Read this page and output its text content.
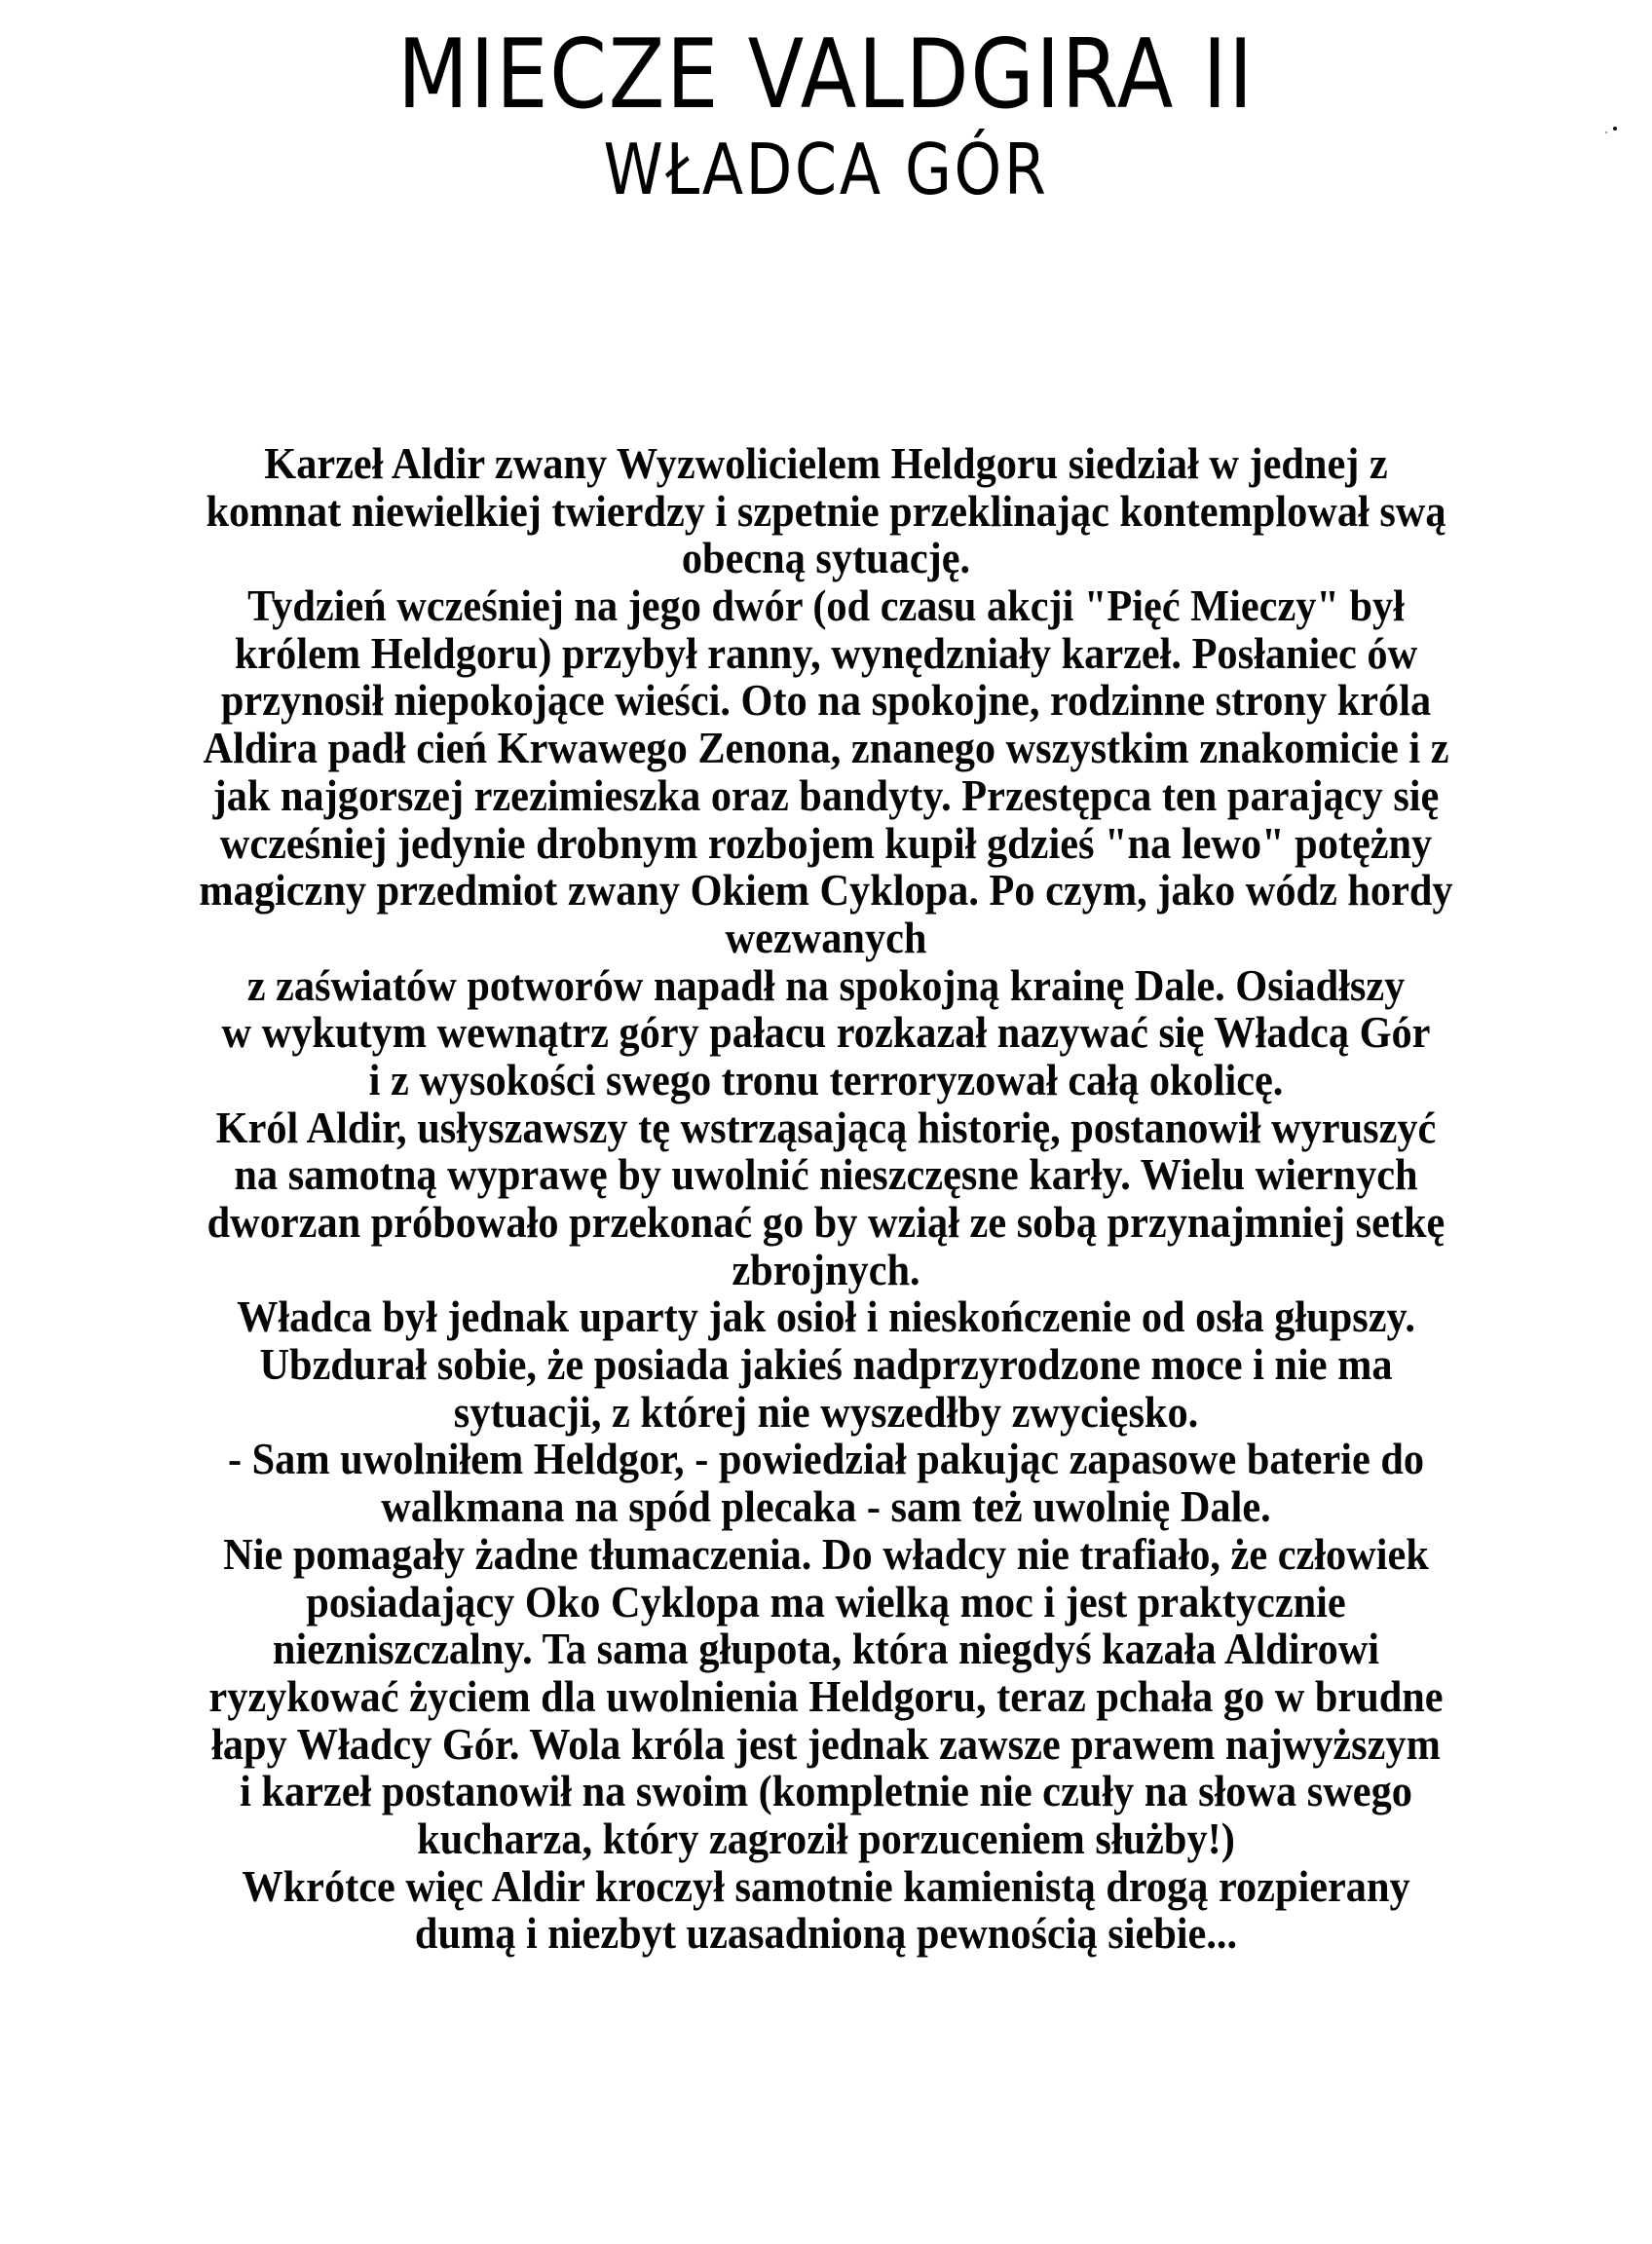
MIECZE VALDGIRA II
WŁADCA GÓR
Karzeł Aldir zwany Wyzwolicielem Heldgoru siedział w jednej z
komnat niewielkiej twierdzy i szpetnie przeklinając kontemplował swą
obecną sytuację.
Tydzień wcześniej na jego dwór (od czasu akcji "Pięć Mieczy" był
królem Heldgoru) przybył ranny, wynędzniały karzeł. Posłaniec ów
przynosił niepokojące wieści. Oto na spokojne, rodzinne strony króla
Aldira padł cień Krwawego Zenona, znanego wszystkim znakomicie i z
jak najgorszej rzezimieszka oraz bandyty. Przestępca ten parający się
wcześniej jedynie drobnym rozbojem kupił gdzieś "na lewo" potężny
magiczny przedmiot zwany Okiem Cyklopa. Po czym, jako wódz hordy
wezwanych
z zaświatów potworów napadł na spokojną krainę Dale. Osiadłszy
w wykutym wewnątrz góry pałacu rozkazał nazywać się Władcą Gór
i z wysokości swego tronu terroryzował całą okolicę.
Król Aldir, usłyszawszy tę wstrząsającą historię, postanowił wyruszyć
na samotną wyprawę by uwolnić nieszczęsne karły. Wielu wiernych
dworzan próbowało przekonać go by wziął ze sobą przynajmniej setkę
zbrojnych.
Władca był jednak uparty jak osioł i nieskończenie od osła głupszy.
Ubzdurał sobie, że posiada jakieś nadprzyrodzone moce i nie ma
sytuacji, z której nie wyszedłby zwycięsko.
- Sam uwolniłem Heldgor, - powiedział pakując zapasowe baterie do
walkmana na spód plecaka - sam też uwolnię Dale.
Nie pomagały żadne tłumaczenia. Do władcy nie trafiało, że człowiek
posiadający Oko Cyklopa ma wielką moc i jest praktycznie
niezniszczalny. Ta sama głupota, która niegdyś kazała Aldirowi
ryzykować życiem dla uwolnienia Heldgoru, teraz pchała go w brudne
łapy Władcy Gór. Wola króla jest jednak zawsze prawem najwyższym
i karzeł postanowił na swoim (kompletnie nie czuły na słowa swego
kucharza, który zagroził porzuceniem służby!)
Wkrótce więc Aldir kroczył samotnie kamienistą drogą rozpierany
dumą i niezbyt uzasadnioną pewnością siebie...
